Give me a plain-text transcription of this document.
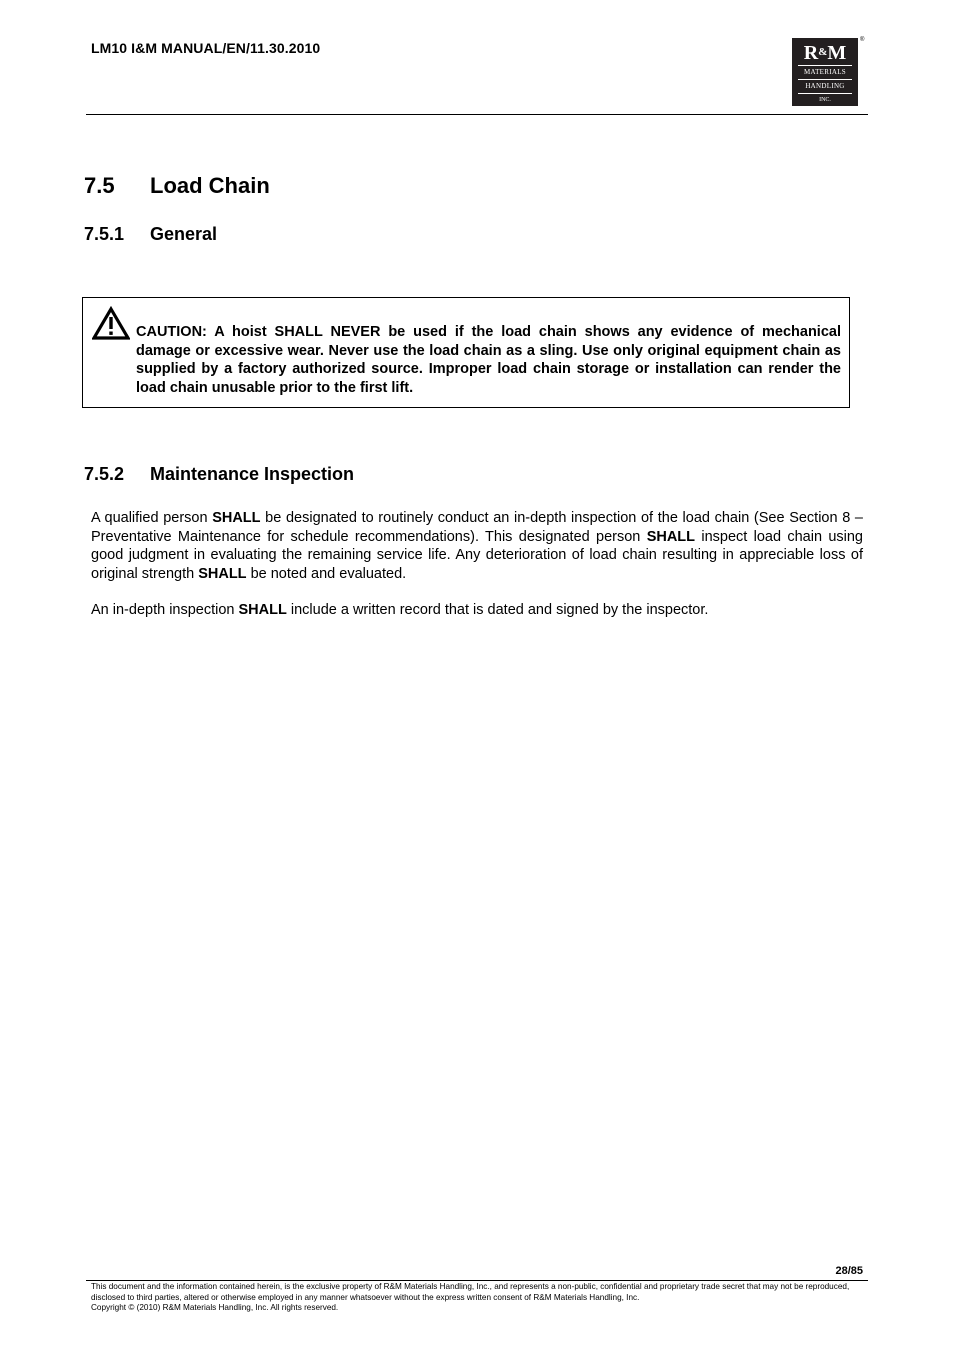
LM10 I&M MANUAL/EN/11.30.2010	R&M
MATERIALS
HANDLING
INC.
®
7.5 Load Chain
7.5.1 General
CAUTION: A hoist SHALL NEVER be used if the load chain shows any evidence of mechanical damage or excessive wear. Never use the load chain as a sling. Use only original equipment chain as supplied by a factory authorized source. Improper load chain storage or installation can render the load chain unusable prior to the first lift.
7.5.2 Maintenance Inspection
A qualified person SHALL be designated to routinely conduct an in-depth inspection of the load chain (See Section 8 – Preventative Maintenance for schedule recommendations). This designated person SHALL inspect load chain using good judgment in evaluating the remaining service life. Any deterioration of load chain resulting in appreciable loss of original strength SHALL be noted and evaluated.
An in-depth inspection SHALL include a written record that is dated and signed by the inspector.
28/85
This document and the information contained herein, is the exclusive property of R&M Materials Handling, Inc., and represents a non-public, confidential and proprietary trade secret that may not be reproduced, disclosed to third parties, altered or otherwise employed in any manner whatsoever without the express written consent of R&M Materials Handling, Inc.
Copyright © (2010) R&M Materials Handling, Inc. All rights reserved.
